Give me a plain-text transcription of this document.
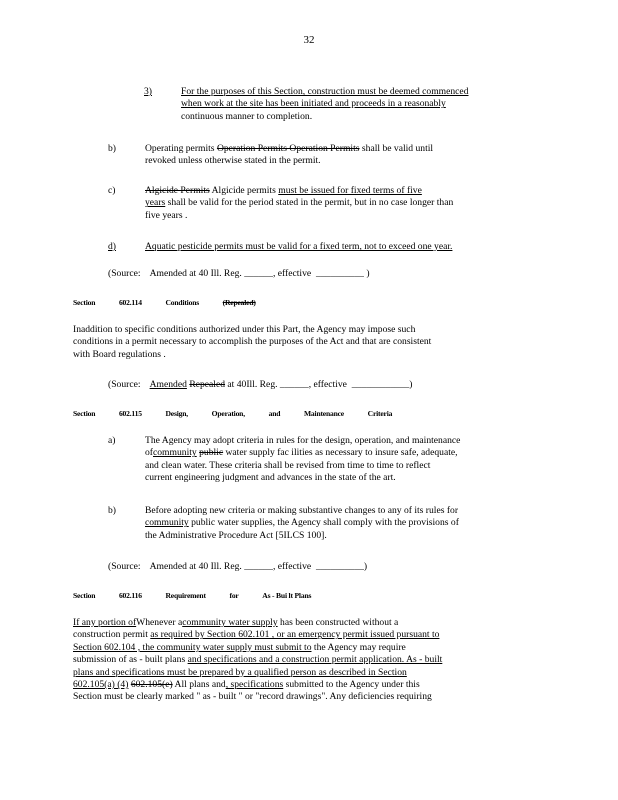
32
3)	For the purposes of this Section, construction must be deemed commenced
when work at the site has been initiated and proceeds in a reasonably
continuous manner to completion.
b)	Operating permits Operation Permits Operation Permits shall be valid until
revoked unless otherwise stated in the permit.
c)	Algicide Permits Algicide permits must be issued for fixed terms of five
years shall be valid for the period stated in the permit, but in no case longer than
five years .
d)	Aquatic pesticide permits must be valid for a fixed term, not to exceed one year.
(Source: Amended at 40 Ill. Reg. ______, effective __________ )
Section	602.114	Conditions	(Repealed)
Inaddition to specific conditions authorized under this Part, the Agency may impose such
conditions in a permit necessary to accomplish the purposes of the Act and that are consistent
with Board regulations .
(Source: Amended Repealed at 40Ill. Reg. ______, effective ____________)
Section	602.115	Design,	Operation,	and	Maintenance	Criteria
a)	The Agency may adopt criteria in rules for the design, operation, and maintenance
ofcommunity public water supply fac ilities as necessary to insure safe, adequate,
and clean water. These criteria shall be revised from time to time to reflect
current engineering judgment and advances in the state of the art.
b)	Before adopting new criteria or making substantive changes to any of its rules for
community public water supplies, the Agency shall comply with the provisions of
the Administrative Procedure Act [5ILCS 100].
(Source: Amended at 40 Ill. Reg. ______, effective __________)
Section	602.116	Requirement	for	As - Bui lt Plans
If any portion ofWhenever acommunity water supply has been constructed without a
construction permit as required by Section 602.101 , or an emergency permit issued pursuant to
Section 602.104 , the community water supply must submit to the Agency may require
submission of as - built plans and specifications and a construction permit application. As - built
plans and specifications must be prepared by a qualified person as described in Section
602.105(a) (4) 602.105(e) All plans and, specifications submitted to the Agency under this
Section must be clearly marked " as - built " or "record drawings". Any deficiencies requiring
